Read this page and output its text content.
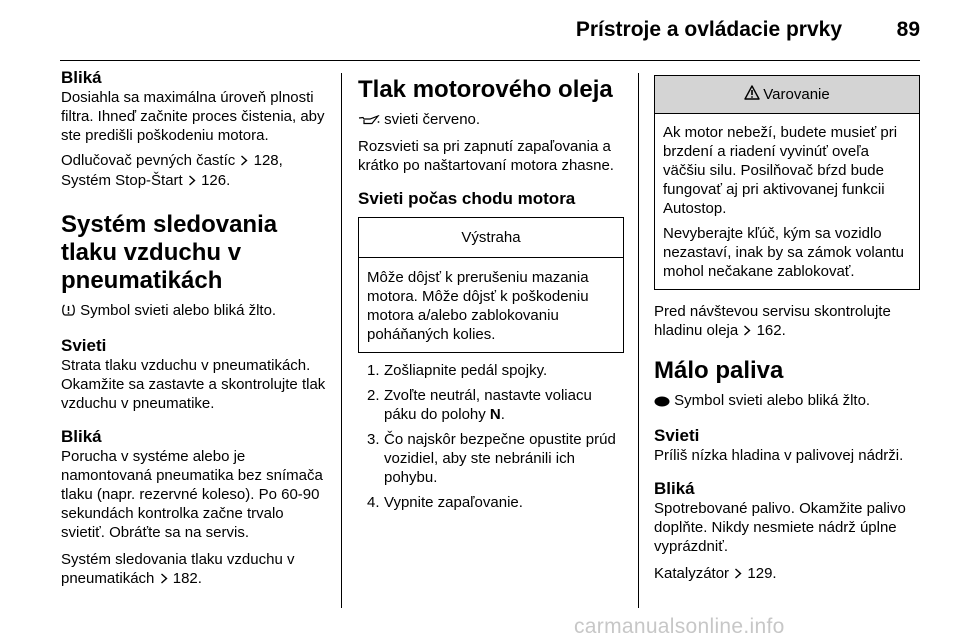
Prístroje a ovládacie prvky	89
Bliká
Dosiahla sa maximálna úroveň plnosti filtra. Ihneď začnite proces čistenia, aby ste predišli poškodeniu motora.
Odlučovač pevných častíc 128,
Systém Stop-Štart 126.
Systém sledovania tlaku vzduchu v pneumatikách
Symbol svieti alebo bliká žlto.
Svieti
Strata tlaku vzduchu v pneumatikách. Okamžite sa zastavte a skontrolujte tlak vzduchu v pneumatike.
Bliká
Porucha v systéme alebo je namontovaná pneumatika bez snímača tlaku (napr. rezervné koleso). Po 60-90 sekundách kontrolka začne trvalo svietiť. Obráťte sa na servis.
Systém sledovania tlaku vzduchu v pneumatikách 182.
Tlak motorového oleja
svieti červeno.
Rozsvieti sa pri zapnutí zapaľovania a krátko po naštartovaní motora zhasne.
Svieti počas chodu motora
Výstraha
Môže dôjsť k prerušeniu mazania motora. Môže dôjsť k poškodeniu motora a/alebo zablokovaniu poháňaných kolies.
1. Zošliapnite pedál spojky.
2. Zvoľte neutrál, nastavte voliacu páku do polohy N.
3. Čo najskôr bezpečne opustite prúd vozidiel, aby ste nebránili ich pohybu.
4. Vypnite zapaľovanie.
Varovanie
Ak motor nebeží, budete musieť pri brzdení a riadení vyvinúť oveľa väčšiu silu. Posilňovač bŕzd bude fungovať aj pri aktivovanej funkcii Autostop.
Nevyberajte kľúč, kým sa vozidlo nezastaví, inak by sa zámok volantu mohol nečakane zablokovať.
Pred návštevou servisu skontrolujte hladinu oleja 162.
Málo paliva
Symbol svieti alebo bliká žlto.
Svieti
Príliš nízka hladina v palivovej nádrži.
Bliká
Spotrebované palivo. Okamžite palivo doplňte. Nikdy nesmiete nádrž úplne vyprázdniť.
Katalyzátor 129.
carmanualsonline.info
